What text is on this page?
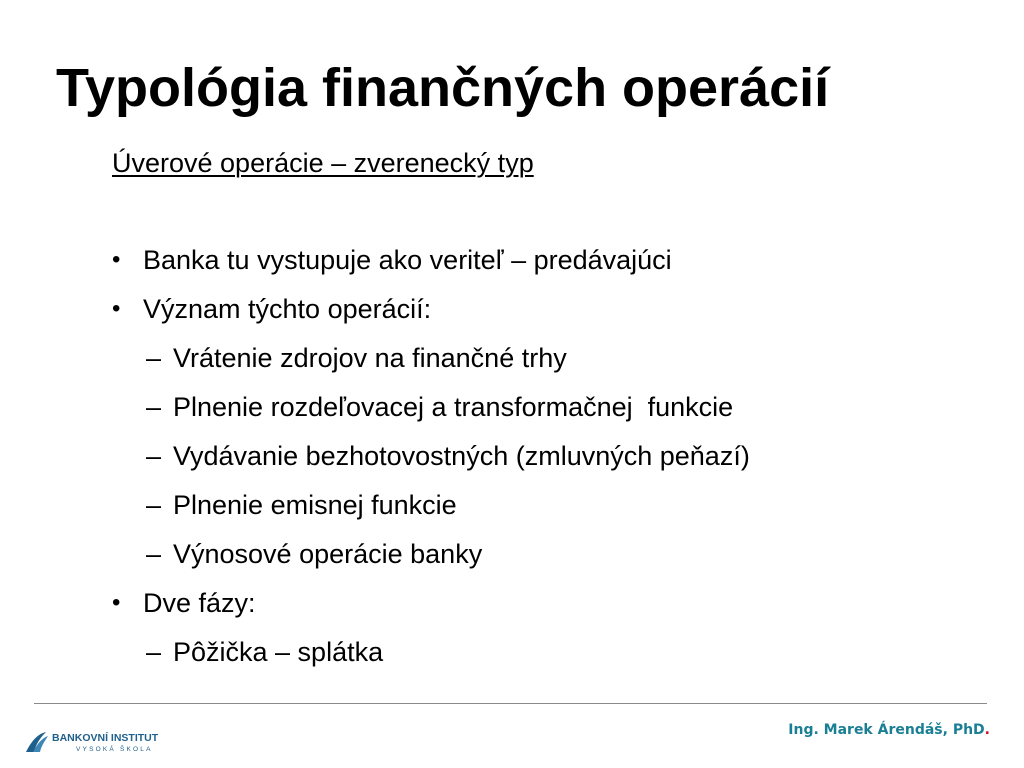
Typológia finančných operácií
Úverové operácie – zverenecký typ
• Banka tu vystupuje ako veriteľ – predávajúci
• Význam týchto operácií:
– Vrátenie zdrojov na finančné trhy
– Plnenie rozdeľovacej a transformačnej  funkcie
– Vydávanie bezhotovostných (zmluvných peňazí)
– Plnenie emisnej funkcie
– Výnosové operácie banky
• Dve fázy:
– Pôžička – splátka
BANKOVNÍ INSTITUT
VYSOKÁ ŠKOLA
Ing. Marek Árendáš, PhD.
